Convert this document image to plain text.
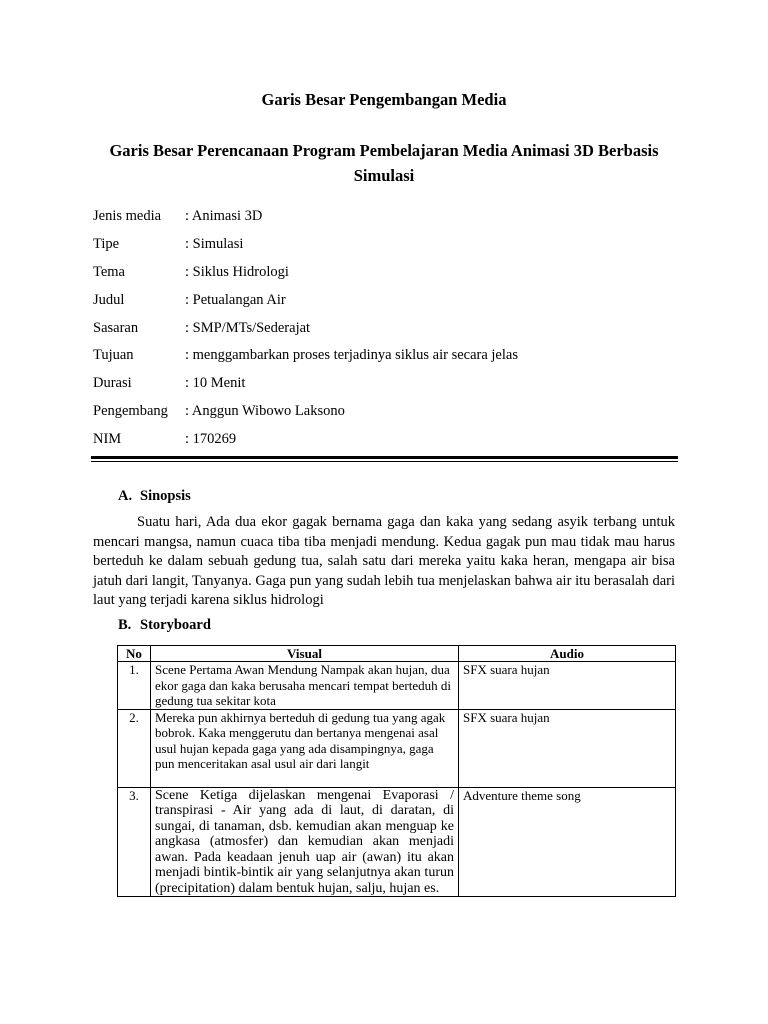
Garis Besar Pengembangan Media
Garis Besar Perencanaan Program Pembelajaran Media Animasi 3D Berbasis Simulasi
Jenis media	: Animasi 3D
Tipe	: Simulasi
Tema	: Siklus Hidrologi
Judul	: Petualangan Air
Sasaran	: SMP/MTs/Sederajat
Tujuan	: menggambarkan proses terjadinya siklus air secara jelas
Durasi	: 10 Menit
Pengembang	: Anggun Wibowo Laksono
NIM	: 170269
A. Sinopsis

Suatu hari, Ada dua ekor gagak bernama gaga dan kaka yang sedang asyik terbang untuk mencari mangsa, namun cuaca tiba tiba menjadi mendung. Kedua gagak pun mau tidak mau harus berteduh ke dalam sebuah gedung tua, salah satu dari mereka yaitu kaka heran, mengapa air bisa jatuh dari langit, Tanyanya. Gaga pun yang sudah lebih tua menjelaskan bahwa air itu berasalah dari laut yang terjadi karena siklus hidrologi

B. Storyboard
No	Visual	Audio
1.	Scene Pertama Awan Mendung Nampak akan hujan, dua ekor gaga dan kaka berusaha mencari tempat berteduh di gedung tua sekitar kota	SFX suara hujan
2.	Mereka pun akhirnya berteduh di gedung tua yang agak bobrok. Kaka menggerutu dan bertanya mengenai asal usul hujan kepada gaga yang ada disampingnya, gaga pun menceritakan asal usul air dari langit	SFX suara hujan
3.	Scene Ketiga dijelaskan mengenai Evaporasi / transpirasi - Air yang ada di laut, di daratan, di sungai, di tanaman, dsb. kemudian akan menguap ke angkasa (atmosfer) dan kemudian akan menjadi awan. Pada keadaan jenuh uap air (awan) itu akan menjadi bintik-bintik air yang selanjutnya akan turun (precipitation) dalam bentuk hujan, salju, hujan es.	Adventure theme song
